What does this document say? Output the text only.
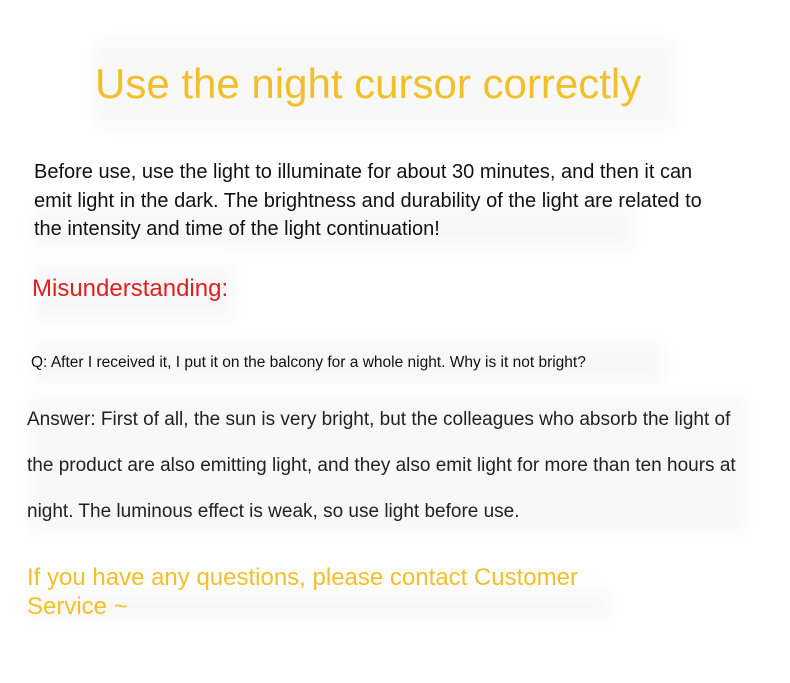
Use the night cursor correctly

Before use, use the light to illuminate for about 30 minutes, and then it can emit light in the dark. The brightness and durability of the light are related to the intensity and time of the light continuation!

Misunderstanding:

Q: After I received it, I put it on the balcony for a whole night. Why is it not bright?

Answer: First of all, the sun is very bright, but the colleagues who absorb the light of the product are also emitting light, and they also emit light for more than ten hours at night. The luminous effect is weak, so use light before use.

If you have any questions, please contact Customer Service ~
